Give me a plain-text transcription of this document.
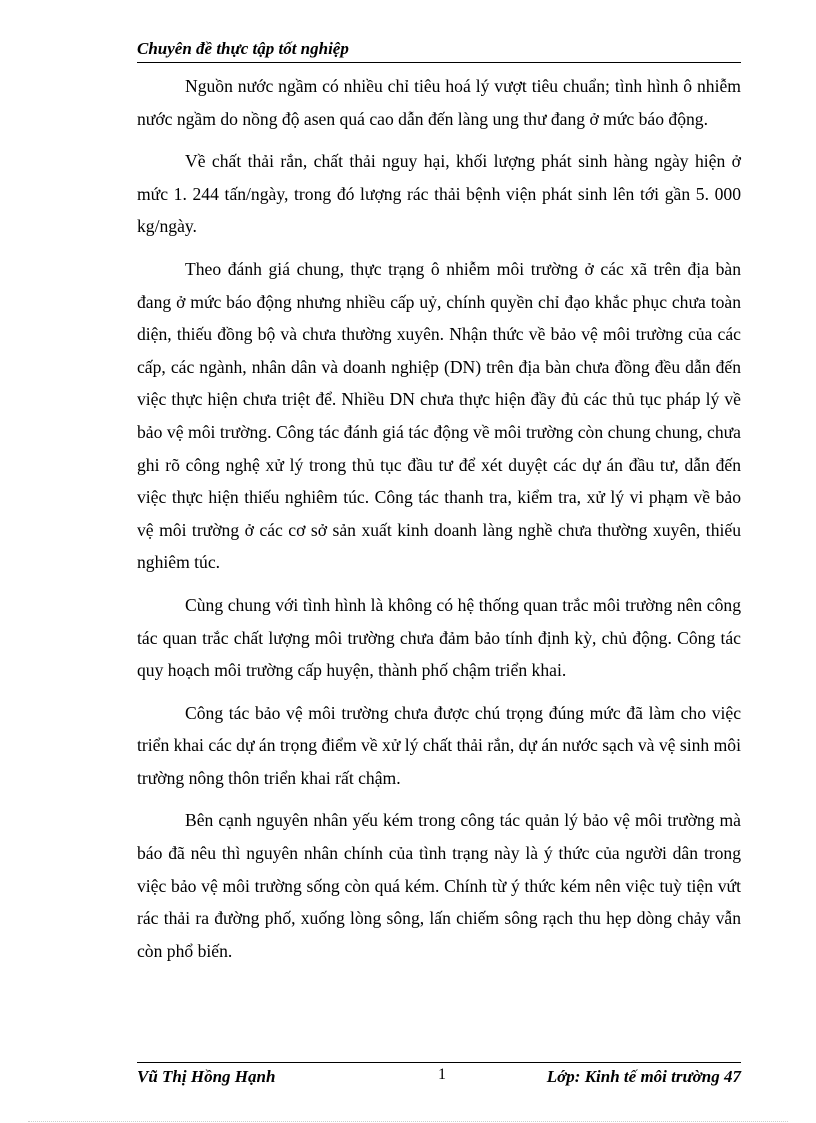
Chuyên đề thực tập tốt nghiệp

Nguồn nước ngầm có nhiều chỉ tiêu hoá lý vượt tiêu chuẩn; tình hình ô nhiễm nước ngầm do nồng độ asen quá cao dẫn đến làng ung thư đang ở mức báo động.

Về chất thải rắn, chất thải nguy hại, khối lượng phát sinh hàng ngày hiện ở mức 1. 244 tấn/ngày, trong đó lượng rác thải bệnh viện phát sinh lên tới gần 5. 000 kg/ngày.

Theo đánh giá chung, thực trạng ô nhiễm môi trường ở các xã trên địa bàn đang ở mức báo động nhưng nhiều cấp uỷ, chính quyền chỉ đạo khắc phục chưa toàn diện, thiếu đồng bộ và chưa thường xuyên. Nhận thức về bảo vệ môi trường của các cấp, các ngành, nhân dân và doanh nghiệp (DN) trên địa bàn chưa đồng đều dẫn đến việc thực hiện chưa triệt để. Nhiều DN chưa thực hiện đầy đủ các thủ tục pháp lý về bảo vệ môi trường. Công tác đánh giá tác động về môi trường còn chung chung, chưa ghi rõ công nghệ xử lý trong thủ tục đầu tư để xét duyệt các dự án đầu tư, dẫn đến việc thực hiện thiếu nghiêm túc. Công tác thanh tra, kiểm tra, xử lý vi phạm về bảo vệ môi trường ở các cơ sở sản xuất kinh doanh làng nghề chưa thường xuyên, thiếu nghiêm túc.

Cùng chung với tình hình là không có hệ thống quan trắc môi trường nên công tác quan trắc chất lượng môi trường chưa đảm bảo tính định kỳ, chủ động. Công tác quy hoạch môi trường cấp huyện, thành phố chậm triển khai.

Công tác bảo vệ môi trường chưa được chú trọng đúng mức đã làm cho việc triển khai các dự án trọng điểm về xử lý chất thải rắn, dự án nước sạch và vệ sinh môi trường nông thôn triển khai rất chậm.

Bên cạnh nguyên nhân yếu kém trong công tác quản lý bảo vệ môi trường mà báo đã nêu thì nguyên nhân chính của tình trạng này là ý thức của người dân trong việc bảo vệ môi trường sống còn quá kém. Chính từ ý thức kém nên việc tuỳ tiện vứt rác thải ra đường phố, xuống lòng sông, lấn chiếm sông rạch thu hẹp dòng chảy vẫn còn phổ biến.

Vũ Thị Hồng Hạnh	1	Lớp: Kinh tế môi trường 47
